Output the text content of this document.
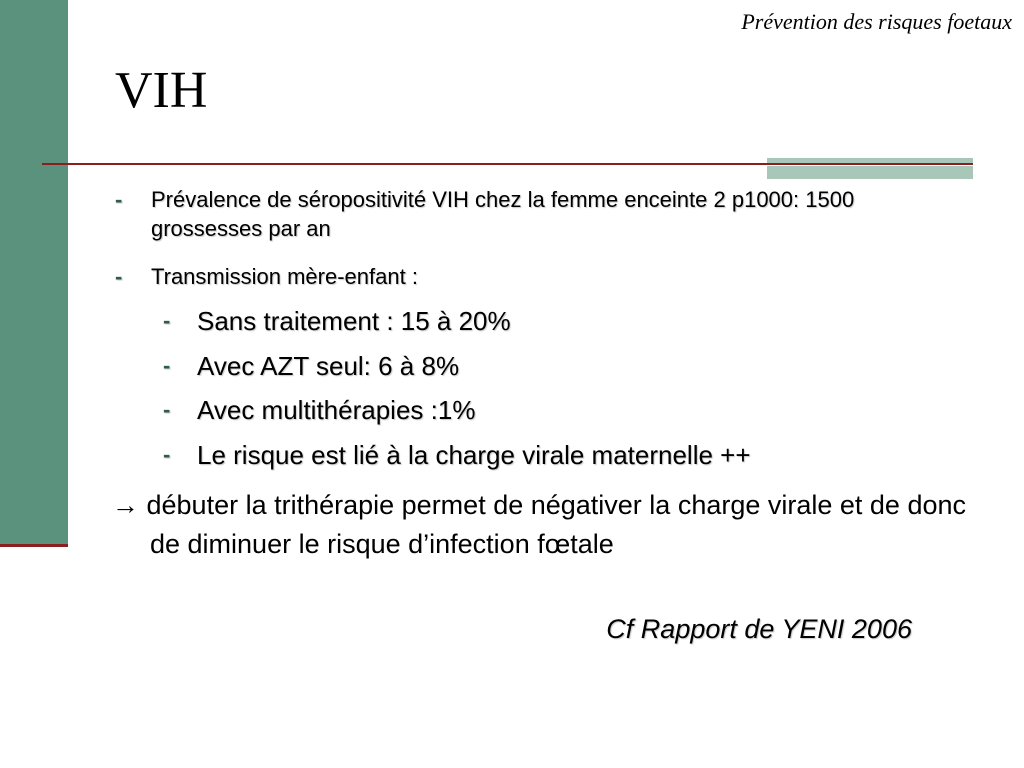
Prévention des risques foetaux
VIH
-	Prévalence de séropositivité VIH chez la femme enceinte 2 p1000: 1500 grossesses par an
-	Transmission mère-enfant :
-	Sans traitement : 15 à 20%
-	Avec AZT seul: 6 à 8%
-	Avec multithérapies :1%
-	Le risque est lié à la charge virale maternelle ++

→ débuter la trithérapie permet de négativer la charge virale et de donc de diminuer le risque d’infection fœtale

Cf Rapport de YENI 2006
